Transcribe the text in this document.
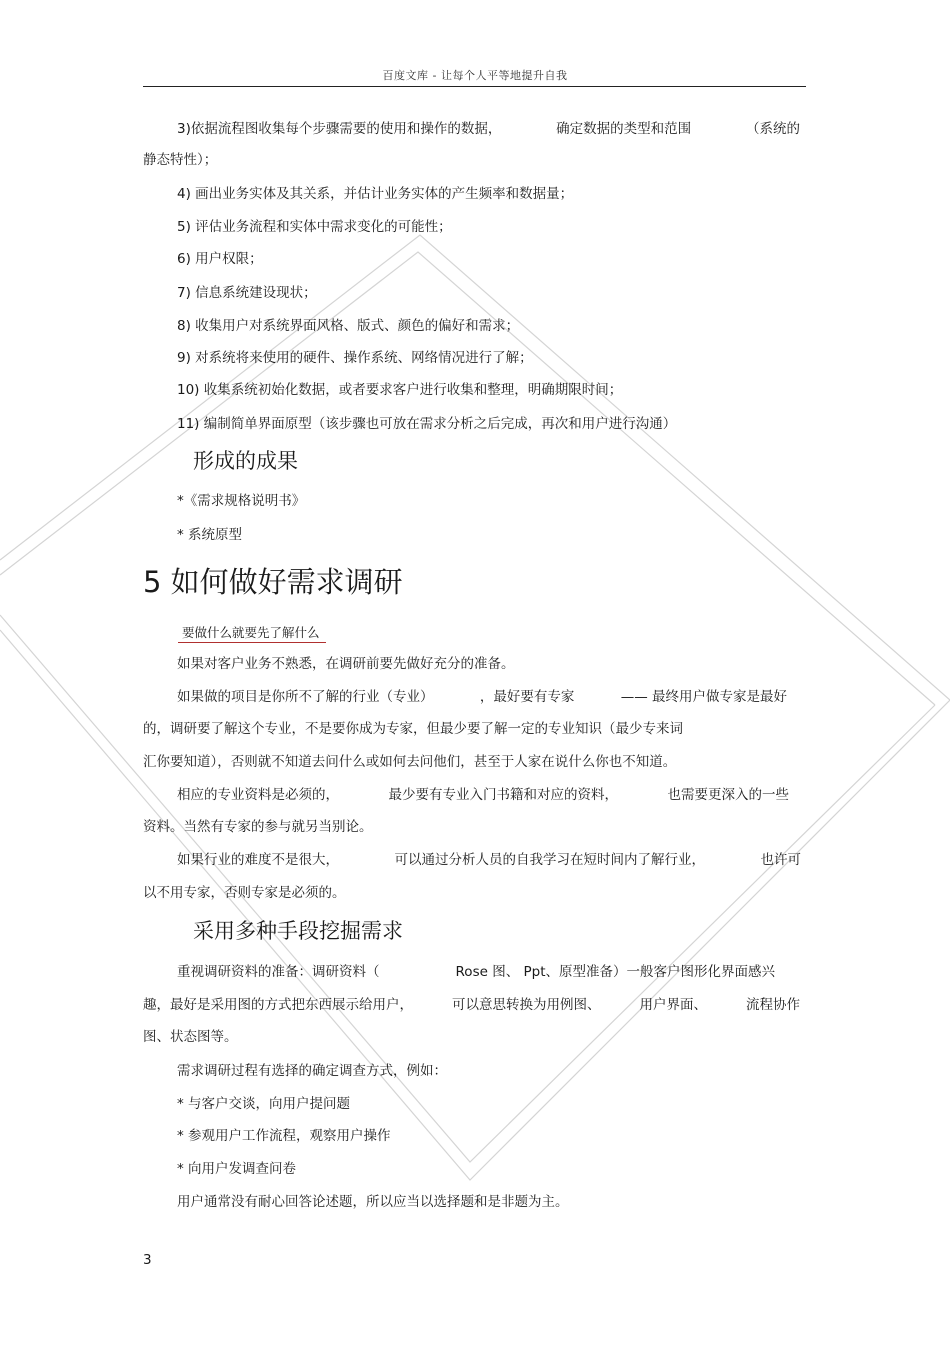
百度文库 - 让每个人平等地提升自我
3)依据流程图收集每个步骤需要的使用和操作的数据，	确定数据的类型和范围	（系统的
静态特性）；
4) 画出业务实体及其关系，并估计业务实体的产生频率和数据量；
5) 评估业务流程和实体中需求变化的可能性；
6) 用户权限；
7) 信息系统建设现状；
8) 收集用户对系统界面风格、版式、颜色的偏好和需求；
9) 对系统将来使用的硬件、操作系统、网络情况进行了解；
10) 收集系统初始化数据，或者要求客户进行收集和整理，明确期限时间；
11) 编制简单界面原型（该步骤也可放在需求分析之后完成，再次和用户进行沟通）
形成的成果
*《需求规格说明书》
* 系统原型
5 如何做好需求调研
要做什么就要先了解什么
如果对客户业务不熟悉，在调研前要先做好充分的准备。
如果做的项目是你所不了解的行业（专业）	，最好要有专家	—— 最终用户做专家是最好
的，调研要了解这个专业，不是要你成为专家，但最少要了解一定的专业知识（最少专来词
汇你要知道），否则就不知道去问什么或如何去问他们，甚至于人家在说什么你也不知道。
相应的专业资料是必须的，	最少要有专业入门书籍和对应的资料，	也需要更深入的一些
资料。当然有专家的参与就另当别论。
如果行业的难度不是很大，	可以通过分析人员的自我学习在短时间内了解行业，	也许可
以不用专家，否则专家是必须的。
采用多种手段挖掘需求
重视调研资料的准备：调研资料（	Rose 图、 Ppt、原型准备）一般客户图形化界面感兴
趣，最好是采用图的方式把东西展示给用户，	可以意思转换为用例图、	用户界面、	流程协作
图、状态图等。
需求调研过程有选择的确定调查方式，例如：
* 与客户交谈，向用户提问题
* 参观用户工作流程，观察用户操作
* 向用户发调查问卷
用户通常没有耐心回答论述题，所以应当以选择题和是非题为主。
3
